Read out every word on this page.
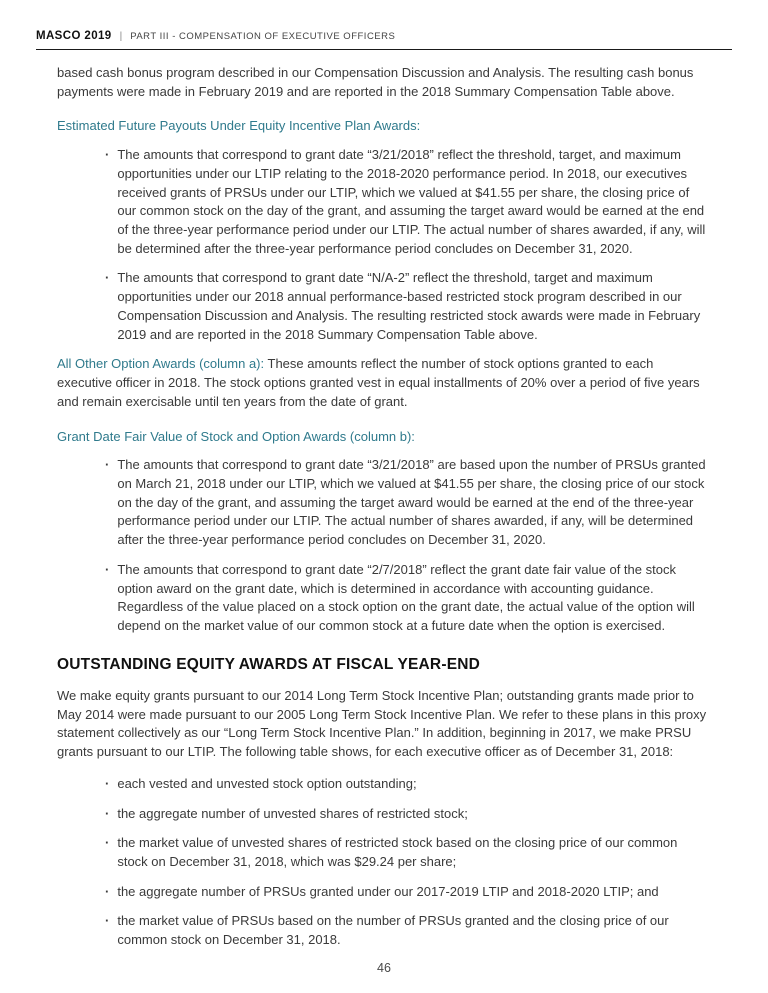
MASCO 2019 | PART III - COMPENSATION OF EXECUTIVE OFFICERS

based cash bonus program described in our Compensation Discussion and Analysis. The resulting cash bonus payments were made in February 2019 and are reported in the 2018 Summary Compensation Table above.

Estimated Future Payouts Under Equity Incentive Plan Awards:

· The amounts that correspond to grant date “3/21/2018” reflect the threshold, target, and maximum opportunities under our LTIP relating to the 2018-2020 performance period. In 2018, our executives received grants of PRSUs under our LTIP, which we valued at $41.55 per share, the closing price of our common stock on the day of the grant, and assuming the target award would be earned at the end of the three-year performance period under our LTIP. The actual number of shares awarded, if any, will be determined after the three-year performance period concludes on December 31, 2020.
· The amounts that correspond to grant date “N/A-2” reflect the threshold, target and maximum opportunities under our 2018 annual performance-based restricted stock program described in our Compensation Discussion and Analysis. The resulting restricted stock awards were made in February 2019 and are reported in the 2018 Summary Compensation Table above.

All Other Option Awards (column a): These amounts reflect the number of stock options granted to each executive officer in 2018. The stock options granted vest in equal installments of 20% over a period of five years and remain exercisable until ten years from the date of grant.

Grant Date Fair Value of Stock and Option Awards (column b):

· The amounts that correspond to grant date “3/21/2018” are based upon the number of PRSUs granted on March 21, 2018 under our LTIP, which we valued at $41.55 per share, the closing price of our stock on the day of the grant, and assuming the target award would be earned at the end of the three-year performance period under our LTIP. The actual number of shares awarded, if any, will be determined after the three-year performance period concludes on December 31, 2020.
· The amounts that correspond to grant date “2/7/2018” reflect the grant date fair value of the stock option award on the grant date, which is determined in accordance with accounting guidance. Regardless of the value placed on a stock option on the grant date, the actual value of the option will depend on the market value of our common stock at a future date when the option is exercised.
OUTSTANDING EQUITY AWARDS AT FISCAL YEAR-END

We make equity grants pursuant to our 2014 Long Term Stock Incentive Plan; outstanding grants made prior to May 2014 were made pursuant to our 2005 Long Term Stock Incentive Plan. We refer to these plans in this proxy statement collectively as our “Long Term Stock Incentive Plan.” In addition, beginning in 2017, we make PRSU grants pursuant to our LTIP. The following table shows, for each executive officer as of December 31, 2018:

· each vested and unvested stock option outstanding;
· the aggregate number of unvested shares of restricted stock;
· the market value of unvested shares of restricted stock based on the closing price of our common stock on December 31, 2018, which was $29.24 per share;
· the aggregate number of PRSUs granted under our 2017-2019 LTIP and 2018-2020 LTIP; and
· the market value of PRSUs based on the number of PRSUs granted and the closing price of our common stock on December 31, 2018.
46
